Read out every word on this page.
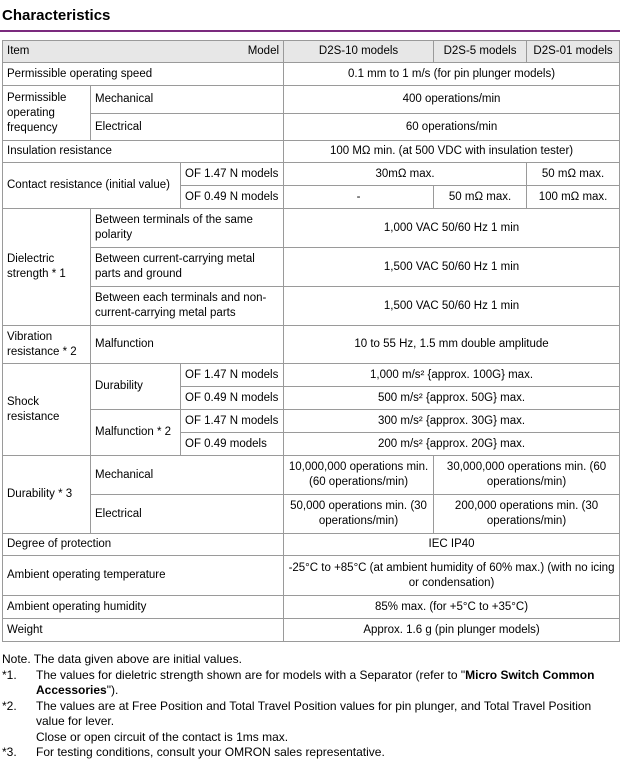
Characteristics
Item Model			D2S-10 models	D2S-5 models	D2S-01 models
Permissible operating speed			0.1 mm to 1 m/s (for pin plunger models)		
Permissible operating frequency	Mechanical		400 operations/min		
	Electrical		60 operations/min		
Insulation resistance			100 MΩ min. (at 500 VDC with insulation tester)		
Contact resistance (initial value)		OF 1.47 N models	30mΩ max.		50 mΩ max.
		OF 0.49 N models	-	50 mΩ max.	100 mΩ max.
Dielectric strength * 1	Between terminals of the same polarity		1,000 VAC 50/60 Hz 1 min		
	Between current-carrying metal parts and ground		1,500 VAC 50/60 Hz 1 min		
	Between each terminals and non-current-carrying metal parts		1,500 VAC 50/60 Hz 1 min		
Vibration resistance * 2	Malfunction		10 to 55 Hz, 1.5 mm double amplitude		
Shock resistance	Durability	OF 1.47 N models	1,000 m/s² {approx. 100G} max.		
		OF 0.49 N models	500 m/s² {approx. 50G} max.		
	Malfunction * 2	OF 1.47 N models	300 m/s² {approx. 30G} max.		
		OF 0.49 models	200 m/s² {approx. 20G} max.		
Durability * 3	Mechanical		10,000,000 operations min. (60 operations/min)	30,000,000 operations min. (60 operations/min)	
	Electrical		50,000 operations min. (30 operations/min)	200,000 operations min. (30 operations/min)	
Degree of protection			IEC IP40		
Ambient operating temperature			-25°C to +85°C (at ambient humidity of 60% max.) (with no icing or condensation)		
Ambient operating humidity			85% max. (for +5°C to +35°C)		
Weight			Approx. 1.6 g (pin plunger models)		
Note. The data given above are initial values.
*1.	The values for dieletric strength shown are for models with a Separator (refer to "Micro Switch Common Accessories").
*2.	The values are at Free Position and Total Travel Position values for pin plunger, and Total Travel Position value for lever.
Close or open circuit of the contact is 1ms max.
*3.	For testing conditions, consult your OMRON sales representative.
